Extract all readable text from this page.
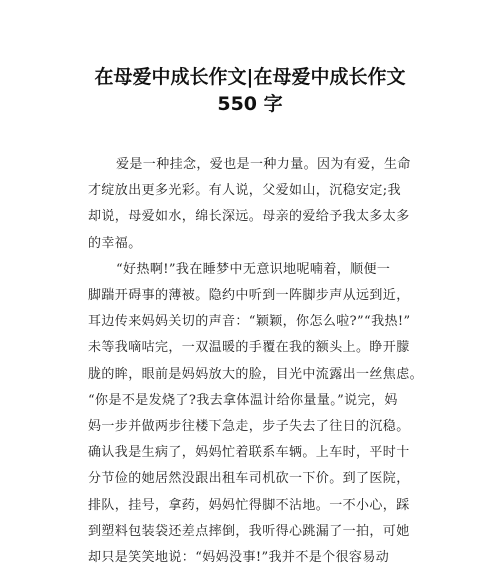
在母爱中成长作文|在母爱中成长作文
550 字

爱是一种挂念，爱也是一种力量。因为有爱，生命
才绽放出更多光彩。有人说，父爱如山，沉稳安定;我
却说，母爱如水，绵长深远。母亲的爱给予我太多太多
的幸福。

“好热啊!”我在睡梦中无意识地呢喃着，顺便一
脚踹开碍事的薄被。隐约中听到一阵脚步声从远到近，
耳边传来妈妈关切的声音：“颖颖，你怎么啦?”“我热!”
未等我嘀咕完，一双温暖的手覆在我的额头上。睁开朦
胧的眸，眼前是妈妈放大的脸，目光中流露出一丝焦虑。
“你是不是发烧了?我去拿体温计给你量量。”说完，妈
妈一步并做两步往楼下急走，步子失去了往日的沉稳。
确认我是生病了，妈妈忙着联系车辆。上车时，平时十
分节俭的她居然没跟出租车司机砍一下价。到了医院，
排队，挂号，拿药，妈妈忙得脚不沾地。一不小心，踩
到塑料包装袋还差点摔倒，我听得心跳漏了一拍，可她
却只是笑笑地说：“妈妈没事!”我并不是个很容易动
